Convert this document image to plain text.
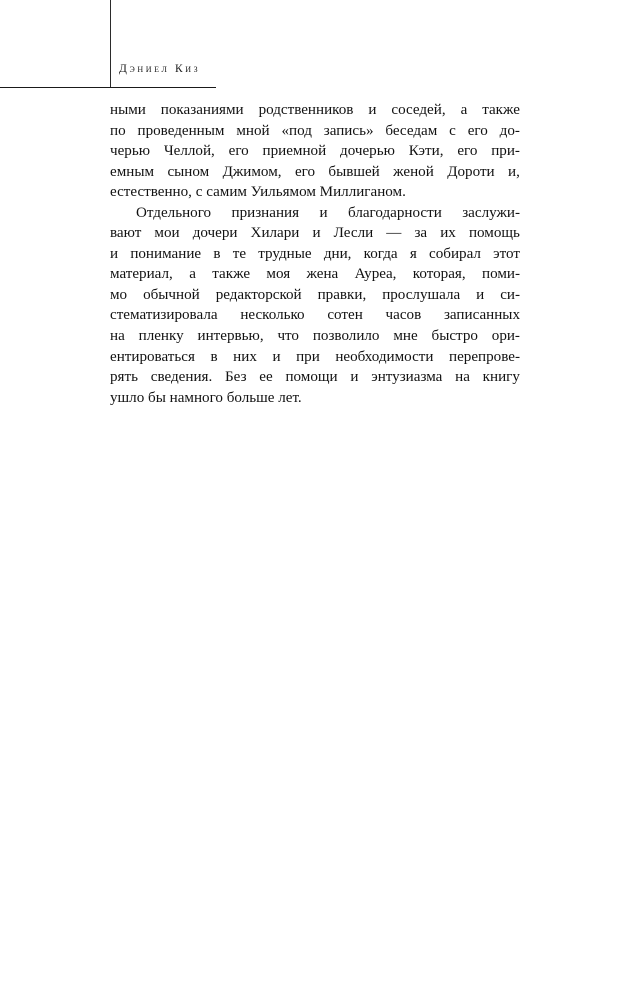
Дэниел Киз

ными показаниями родственников и соседей, а также
по проведенным мной «под запись» беседам с его до-
черью Челлой, его приемной дочерью Кэти, его при-
емным сыном Джимом, его бывшей женой Дороти и,
естественно, с самим Уильямом Миллиганом.

Отдельного признания и благодарности заслужи-
вают мои дочери Хилари и Лесли — за их помощь
и понимание в те трудные дни, когда я собирал этот
материал, а также моя жена Aypea, которая, поми-
мо обычной редакторской правки, прослушала и си-
стематизировала несколько сотен часов записанных
на пленку интервью, что позволило мне быстро ори-
ентироваться в них и при необходимости перепрове-
рять сведения. Без ее помощи и энтузиазма на книгу
ушло бы намного больше лет.
